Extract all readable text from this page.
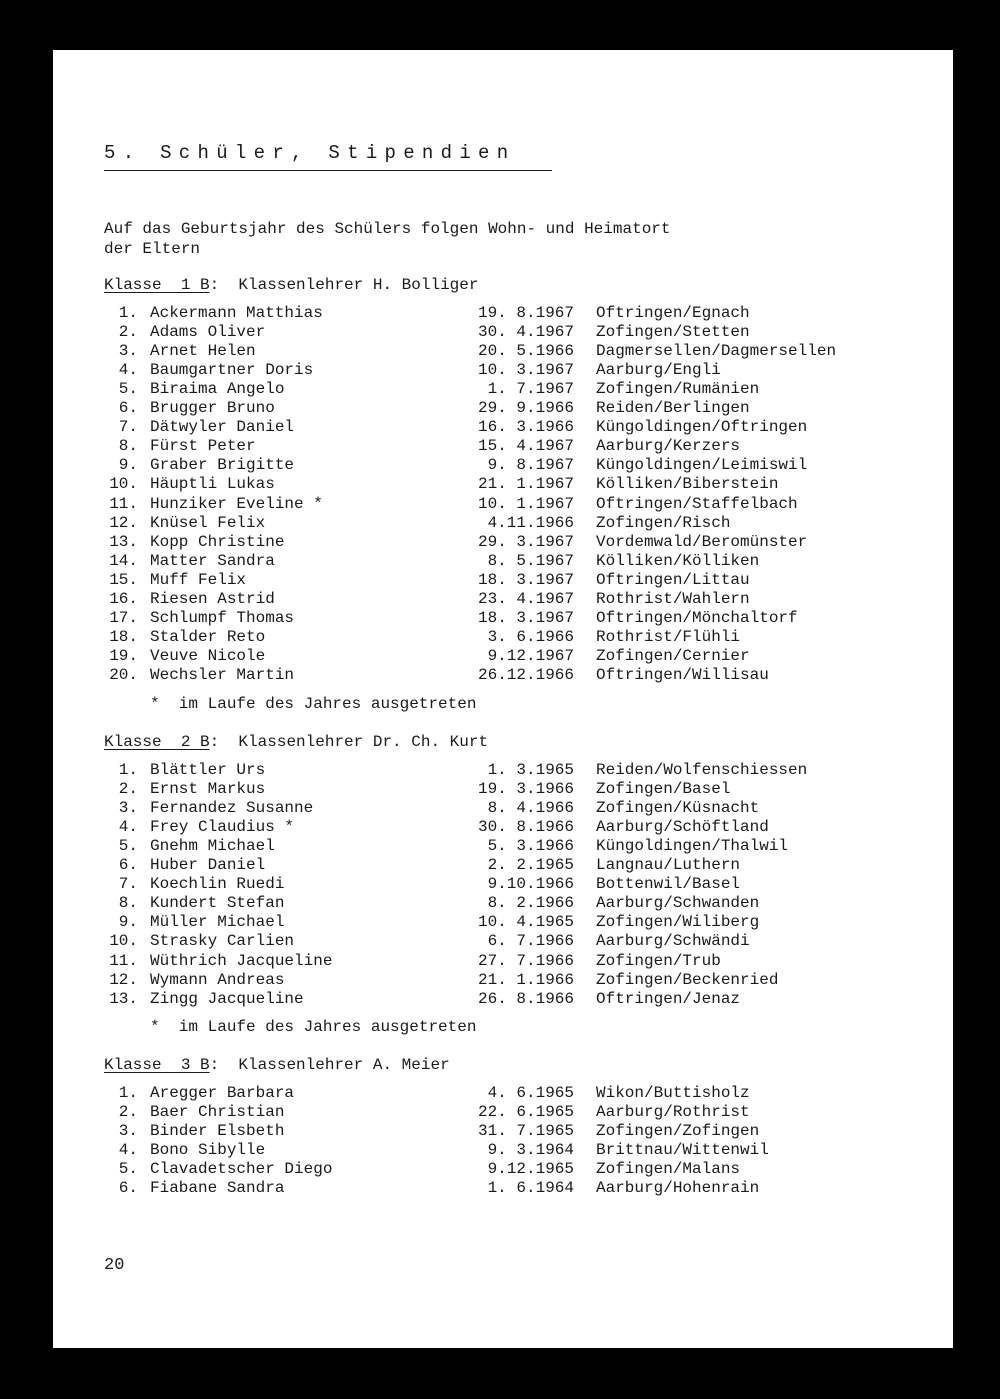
5. Schüler, Stipendien
Auf das Geburtsjahr des Schülers folgen Wohn- und Heimatort
der Eltern
Klasse  1 B:  Klassenlehrer H. Bolliger
1. Ackermann Matthias	19. 8.1967 Oftringen/Egnach
2. Adams Oliver	30. 4.1967 Zofingen/Stetten
3. Arnet Helen	20. 5.1966 Dagmersellen/Dagmersellen
4. Baumgartner Doris	10. 3.1967 Aarburg/Engli
5. Biraima Angelo	1. 7.1967 Zofingen/Rumänien
6. Brugger Bruno	29. 9.1966 Reiden/Berlingen
7. Dätwyler Daniel	16. 3.1966 Küngoldingen/Oftringen
8. Fürst Peter	15. 4.1967 Aarburg/Kerzers
9. Graber Brigitte	9. 8.1967 Küngoldingen/Leimiswil
10. Häuptli Lukas	21. 1.1967 Kölliken/Biberstein
11. Hunziker Eveline *	10. 1.1967 Oftringen/Staffelbach
12. Knüsel Felix	4.11.1966 Zofingen/Risch
13. Kopp Christine	29. 3.1967 Vordemwald/Beromünster
14. Matter Sandra	8. 5.1967 Kölliken/Kölliken
15. Muff Felix	18. 3.1967 Oftringen/Littau
16. Riesen Astrid	23. 4.1967 Rothrist/Wahlern
17. Schlumpf Thomas	18. 3.1967 Oftringen/Mönchaltorf
18. Stalder Reto	3. 6.1966 Rothrist/Flühli
19. Veuve Nicole	9.12.1967 Zofingen/Cernier
20. Wechsler Martin	26.12.1966 Oftringen/Willisau
*  im Laufe des Jahres ausgetreten
Klasse  2 B:  Klassenlehrer Dr. Ch. Kurt
1. Blättler Urs	1. 3.1965 Reiden/Wolfenschiessen
2. Ernst Markus	19. 3.1966 Zofingen/Basel
3. Fernandez Susanne	8. 4.1966 Zofingen/Küsnacht
4. Frey Claudius *	30. 8.1966 Aarburg/Schöftland
5. Gnehm Michael	5. 3.1966 Küngoldingen/Thalwil
6. Huber Daniel	2. 2.1965 Langnau/Luthern
7. Koechlin Ruedi	9.10.1966 Bottenwil/Basel
8. Kundert Stefan	8. 2.1966 Aarburg/Schwanden
9. Müller Michael	10. 4.1965 Zofingen/Wiliberg
10. Strasky Carlien	6. 7.1966 Aarburg/Schwändi
11. Wüthrich Jacqueline	27. 7.1966 Zofingen/Trub
12. Wymann Andreas	21. 1.1966 Zofingen/Beckenried
13. Zingg Jacqueline	26. 8.1966 Oftringen/Jenaz
*  im Laufe des Jahres ausgetreten
Klasse  3 B:  Klassenlehrer A. Meier
1. Aregger Barbara	4. 6.1965 Wikon/Buttisholz
2. Baer Christian	22. 6.1965 Aarburg/Rothrist
3. Binder Elsbeth	31. 7.1965 Zofingen/Zofingen
4. Bono Sibylle	9. 3.1964 Brittnau/Wittenwil
5. Clavadetscher Diego	9.12.1965 Zofingen/Malans
6. Fiabane Sandra	1. 6.1964 Aarburg/Hohenrain
20
